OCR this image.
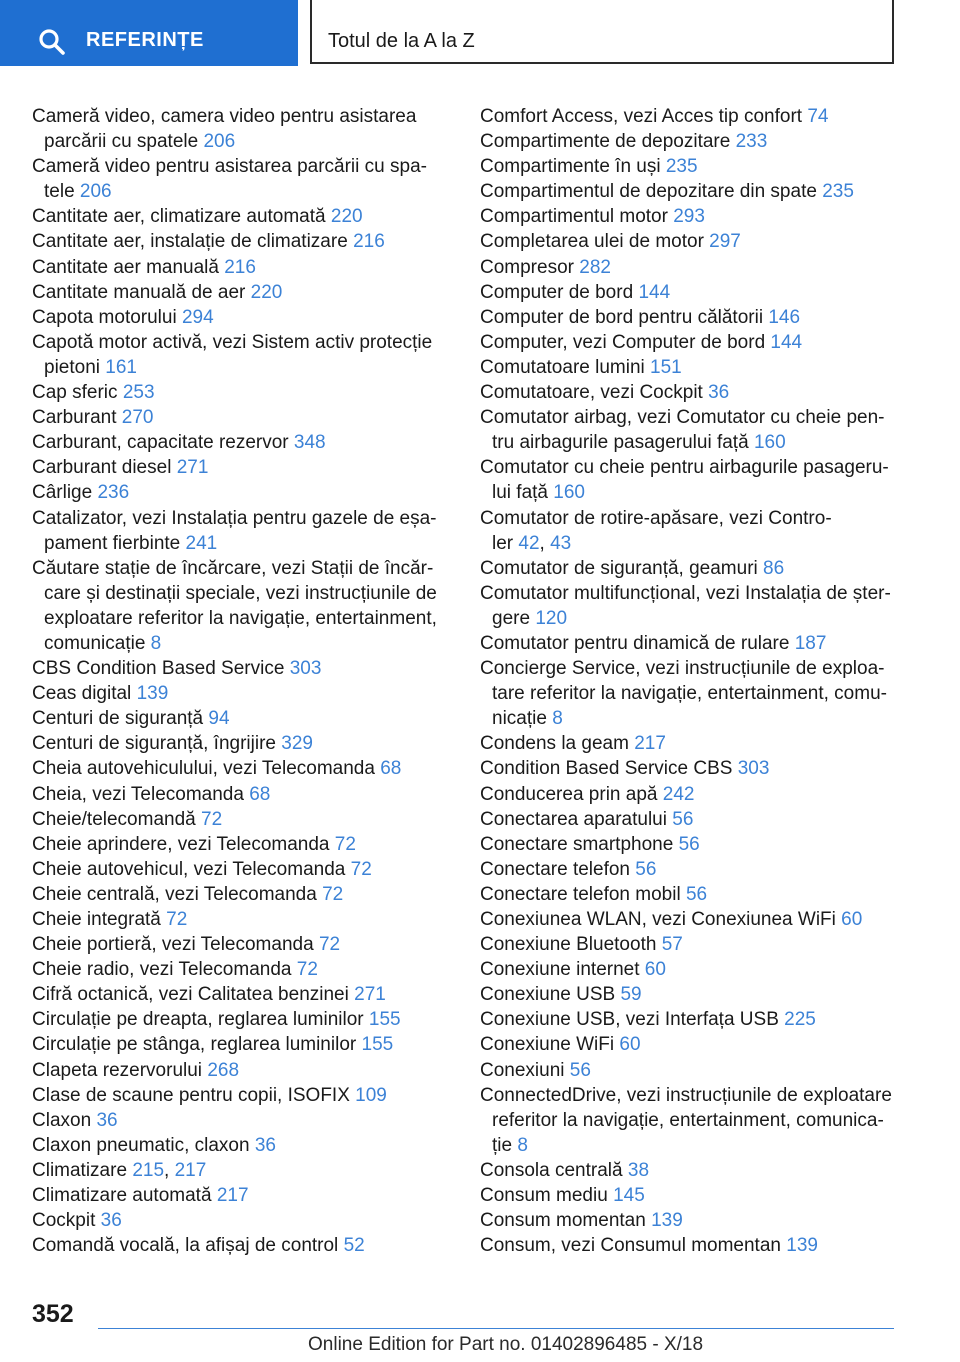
REFERINȚE	Totul de la A la Z
Cameră video, camera video pentru asistarea
parcării cu spatele 206
Cameră video pentru asistarea parcării cu spa-
tele 206
Cantitate aer, climatizare automată 220
Cantitate aer, instalație de climatizare 216
Cantitate aer manuală 216
Cantitate manuală de aer 220
Capota motorului 294
Capotă motor activă, vezi Sistem activ protecție
pietoni 161
Cap sferic 253
Carburant 270
Carburant, capacitate rezervor 348
Carburant diesel 271
Cârlige 236
Catalizator, vezi Instalația pentru gazele de eșa-
pament fierbinte 241
Căutare stație de încărcare, vezi Stații de încăr-
care și destinații speciale, vezi instrucțiunile de
exploatare referitor la navigație, entertainment,
comunicație 8
CBS Condition Based Service 303
Ceas digital 139
Centuri de siguranță 94
Centuri de siguranță, îngrijire 329
Cheia autovehiculului, vezi Telecomanda 68
Cheia, vezi Telecomanda 68
Cheie/telecomandă 72
Cheie aprindere, vezi Telecomanda 72
Cheie autovehicul, vezi Telecomanda 72
Cheie centrală, vezi Telecomanda 72
Cheie integrată 72
Cheie portieră, vezi Telecomanda 72
Cheie radio, vezi Telecomanda 72
Cifră octanică, vezi Calitatea benzinei 271
Circulație pe dreapta, reglarea luminilor 155
Circulație pe stânga, reglarea luminilor 155
Clapeta rezervorului 268
Clase de scaune pentru copii, ISOFIX 109
Claxon 36
Claxon pneumatic, claxon 36
Climatizare 215, 217
Climatizare automată 217
Cockpit 36
Comandă vocală, la afișaj de control 52
Comfort Access, vezi Acces tip confort 74
Compartimente de depozitare 233
Compartimente în uși 235
Compartimentul de depozitare din spate 235
Compartimentul motor 293
Completarea ulei de motor 297
Compresor 282
Computer de bord 144
Computer de bord pentru călătorii 146
Computer, vezi Computer de bord 144
Comutatoare lumini 151
Comutatoare, vezi Cockpit 36
Comutator airbag, vezi Comutator cu cheie pen-
tru airbagurile pasagerului față 160
Comutator cu cheie pentru airbagurile pasageru-
lui față 160
Comutator de rotire-apăsare, vezi Contro-
ler 42, 43
Comutator de siguranță, geamuri 86
Comutator multifuncțional, vezi Instalația de șter-
gere 120
Comutator pentru dinamică de rulare 187
Concierge Service, vezi instrucțiunile de exploa-
tare referitor la navigație, entertainment, comu-
nicație 8
Condens la geam 217
Condition Based Service CBS 303
Conducerea prin apă 242
Conectarea aparatului 56
Conectare smartphone 56
Conectare telefon 56
Conectare telefon mobil 56
Conexiunea WLAN, vezi Conexiunea WiFi 60
Conexiune Bluetooth 57
Conexiune internet 60
Conexiune USB 59
Conexiune USB, vezi Interfața USB 225
Conexiune WiFi 60
Conexiuni 56
ConnectedDrive, vezi instrucțiunile de exploatare
referitor la navigație, entertainment, comunica-
ție 8
Consola centrală 38
Consum mediu 145
Consum momentan 139
Consum, vezi Consumul momentan 139
352
Online Edition for Part no. 01402896485 - X/18
